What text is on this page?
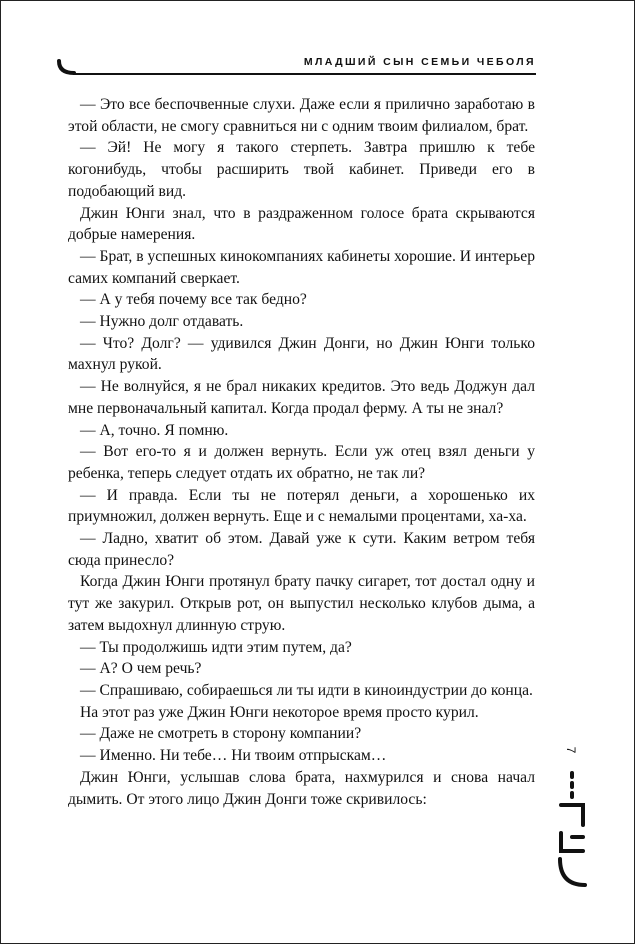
МЛАДШИЙ СЫН СЕМЬИ ЧЕБОЛЯ

— Это все беспочвенные слухи. Даже если я прилично заработаю в этой области, не смогу сравниться ни с одним твоим филиалом, брат.

— Эй! Не могу я такого стерпеть. Завтра пришлю к тебе когонибудь, чтобы расширить твой кабинет. Приведи его в подобающий вид.

Джин Юнги знал, что в раздраженном голосе брата скрываются добрые намерения.

— Брат, в успешных кинокомпаниях кабинеты хорошие. И интерьер самих компаний сверкает.

— А у тебя почему все так бедно?

— Нужно долг отдавать.

— Что? Долг? — удивился Джин Донги, но Джин Юнги только махнул рукой.

— Не волнуйся, я не брал никаких кредитов. Это ведь Доджун дал мне первоначальный капитал. Когда продал ферму. А ты не знал?

— А, точно. Я помню.

— Вот его-то я и должен вернуть. Если уж отец взял деньги у ребенка, теперь следует отдать их обратно, не так ли?

— И правда. Если ты не потерял деньги, а хорошенько их приумножил, должен вернуть. Еще и с немалыми процентами, ха-ха.

— Ладно, хватит об этом. Давай уже к сути. Каким ветром тебя сюда принесло?

Когда Джин Юнги протянул брату пачку сигарет, тот достал одну и тут же закурил. Открыв рот, он выпустил несколько клубов дыма, а затем выдохнул длинную струю.

— Ты продолжишь идти этим путем, да?

— А? О чем речь?

— Спрашиваю, собираешься ли ты идти в киноиндустрии до конца.

На этот раз уже Джин Юнги некоторое время просто курил.

— Даже не смотреть в сторону компании?

— Именно. Ни тебе… Ни твоим отпрыскам…

Джин Юнги, услышав слова брата, нахмурился и снова начал дымить. От этого лицо Джин Донги тоже скривилось:

7
